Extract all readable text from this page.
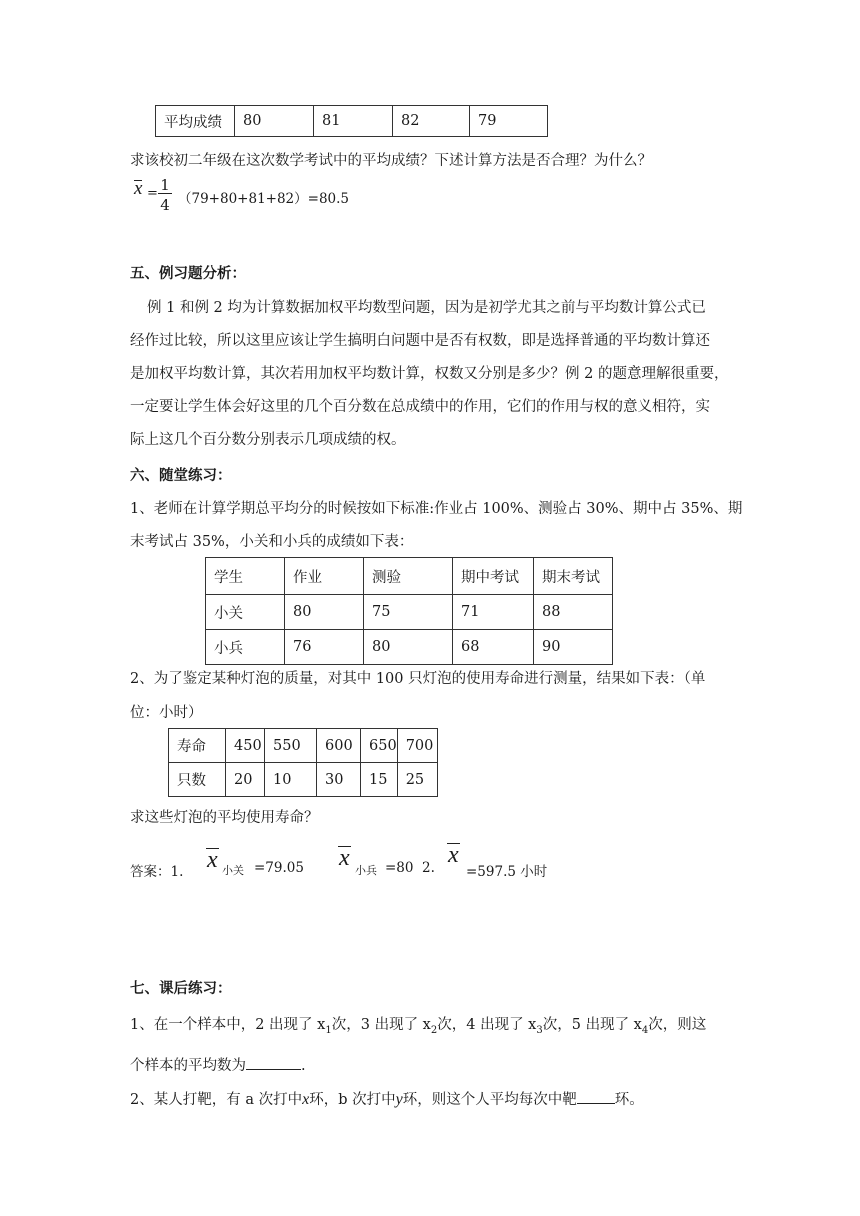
平均成绩	80	81	82	79
求该校初二年级在这次数学考试中的平均成绩？下述计算方法是否合理？为什么？
x = 1
4 （79+80+81+82）=80.5
五、例习题分析：
例 1 和例 2 均为计算数据加权平均数型问题，因为是初学尤其之前与平均数计算公式已
经作过比较，所以这里应该让学生搞明白问题中是否有权数，即是选择普通的平均数计算还
是加权平均数计算，其次若用加权平均数计算，权数又分别是多少？例 2 的题意理解很重要，
一定要让学生体会好这里的几个百分数在总成绩中的作用，它们的作用与权的意义相符，实
际上这几个百分数分别表示几项成绩的权。
六、随堂练习：
1、老师在计算学期总平均分的时候按如下标准:作业占 100%、测验占 30%、期中占 35%、期
末考试占 35%，小关和小兵的成绩如下表：
学生	作业	测验	期中考试	期末考试
小关	80	75	71	88
小兵	76	80	68	90
2、为了鉴定某种灯泡的质量，对其中 100 只灯泡的使用寿命进行测量，结果如下表：（单
位：小时）
寿命	450	550	600	650	700
只数	20	10	30	15	25
求这些灯泡的平均使用寿命？
答案：1. x 小关 =79.05 x 小兵 =80 2. x
=597.5 小时
七、课后练习：
1、在一个样本中，2 出现了 $x_1$次，3 出现了 $x_2$次，4 出现了 $x_3$次，5 出现了 $x_4$次，则这
个样本的平均数为	.
2、某人打靶，有 a 次打中x环，b 次打中y环，则这个人平均每次中靶	环。
